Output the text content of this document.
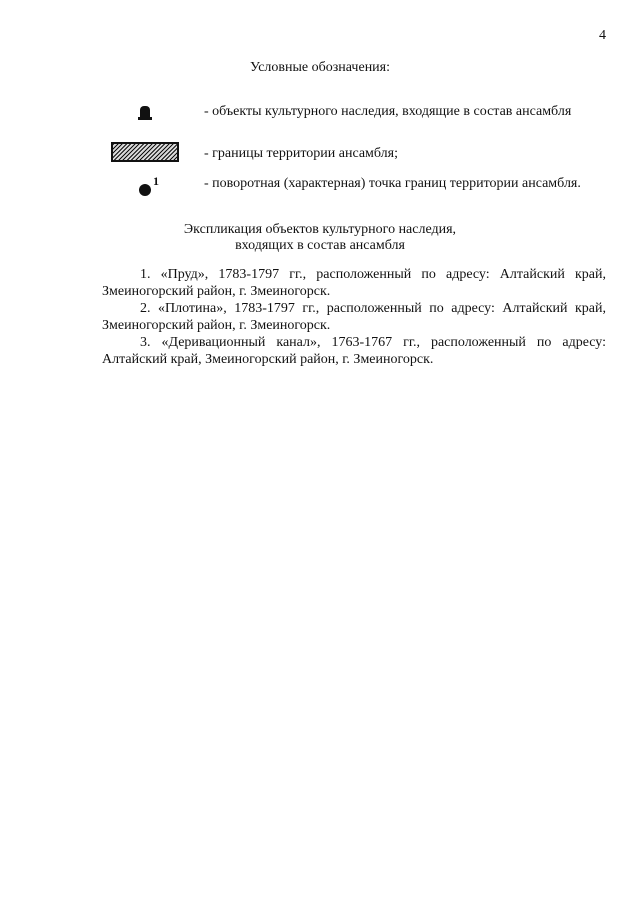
4
Условные обозначения:
- объекты культурного наследия, входящие в состав ансамбля
- границы территории ансамбля;
1	- поворотная (характерная) точка границ территории ансамбля.
Экспликация объектов культурного наследия,
входящих в состав ансамбля

1. «Пруд», 1783-1797 гг., расположенный по адресу: Алтайский край, Змеиногорский район, г. Змеиногорск.

2. «Плотина», 1783-1797 гг., расположенный по адресу: Алтайский край, Змеиногорский район, г. Змеиногорск.

3. «Деривационный канал», 1763-1767 гг., расположенный по адресу: Алтайский край, Змеиногорский район, г. Змеиногорск.
